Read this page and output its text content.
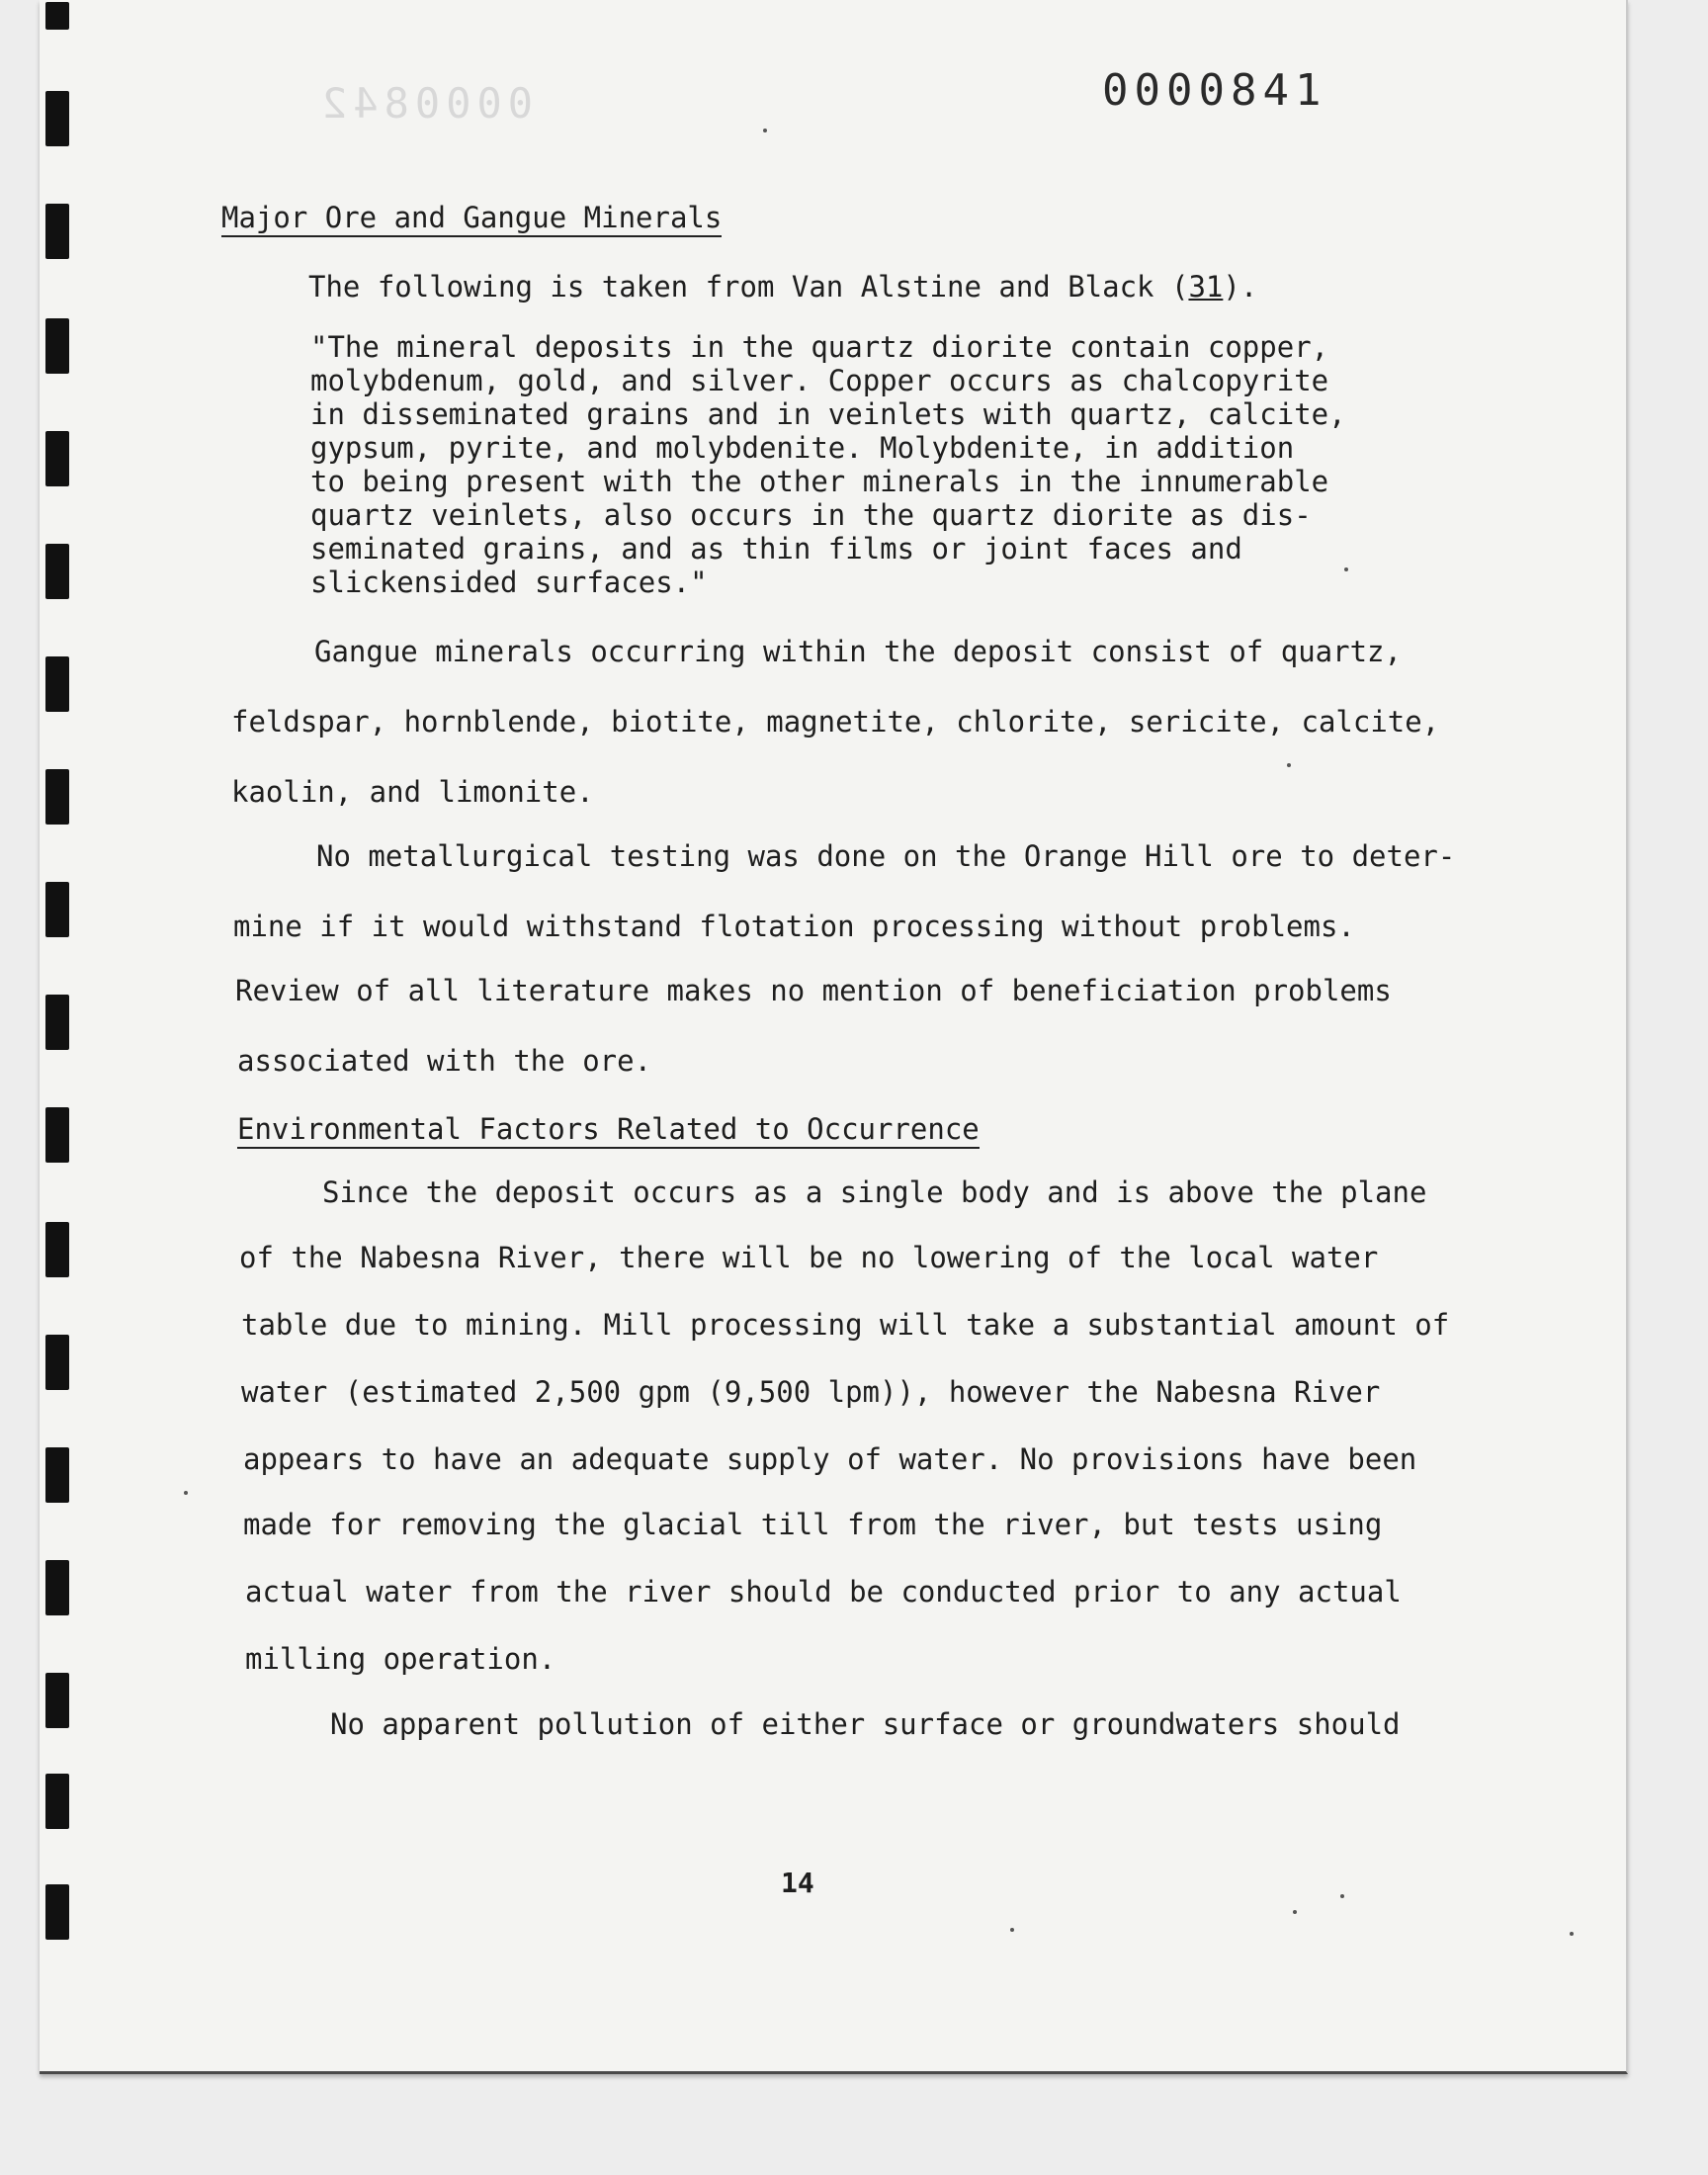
0000842	0000841
Major Ore and Gangue Minerals
The following is taken from Van Alstine and Black (31).
"The mineral deposits in the quartz diorite contain copper,
molybdenum, gold, and silver. Copper occurs as chalcopyrite
in disseminated grains and in veinlets with quartz, calcite,
gypsum, pyrite, and molybdenite. Molybdenite, in addition
to being present with the other minerals in the innumerable
quartz veinlets, also occurs in the quartz diorite as dis-
seminated grains, and as thin films or joint faces and
slickensided surfaces."
Gangue minerals occurring within the deposit consist of quartz,
feldspar, hornblende, biotite, magnetite, chlorite, sericite, calcite,
kaolin, and limonite.
No metallurgical testing was done on the Orange Hill ore to deter-
mine if it would withstand flotation processing without problems.
Review of all literature makes no mention of beneficiation problems
associated with the ore.
Environmental Factors Related to Occurrence
Since the deposit occurs as a single body and is above the plane
of the Nabesna River, there will be no lowering of the local water
table due to mining. Mill processing will take a substantial amount of
water (estimated 2,500 gpm (9,500 lpm)), however the Nabesna River
appears to have an adequate supply of water. No provisions have been
made for removing the glacial till from the river, but tests using
actual water from the river should be conducted prior to any actual
milling operation.
No apparent pollution of either surface or groundwaters should
14
